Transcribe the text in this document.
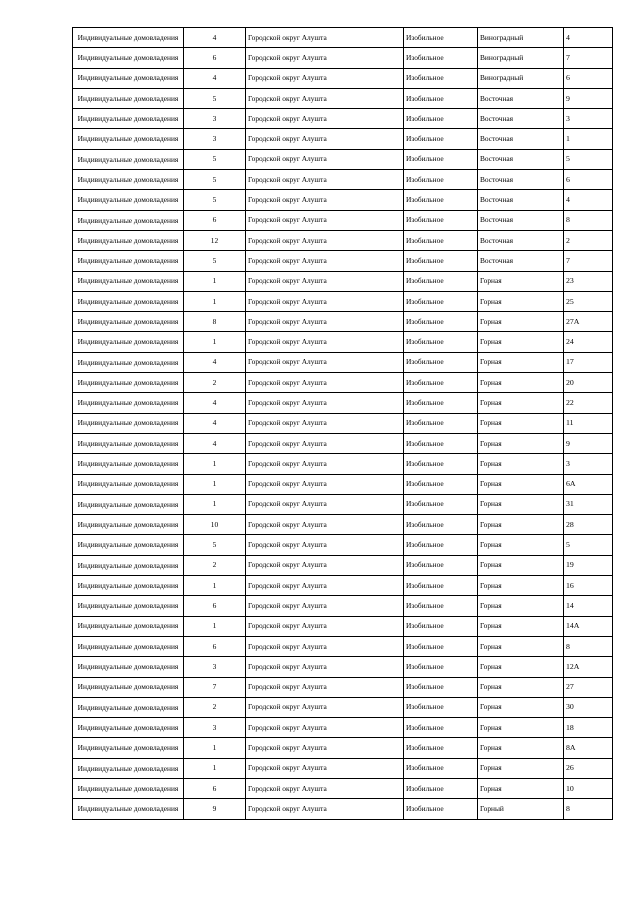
Индивидуальные домовладения	4	Городской округ Алушта	Изобильное	Виноградный	4
Индивидуальные домовладения	6	Городской округ Алушта	Изобильное	Виноградный	7
Индивидуальные домовладения	4	Городской округ Алушта	Изобильное	Виноградный	6
Индивидуальные домовладения	5	Городской округ Алушта	Изобильное	Восточная	9
Индивидуальные домовладения	3	Городской округ Алушта	Изобильное	Восточная	3
Индивидуальные домовладения	3	Городской округ Алушта	Изобильное	Восточная	1
Индивидуальные домовладения	5	Городской округ Алушта	Изобильное	Восточная	5
Индивидуальные домовладения	5	Городской округ Алушта	Изобильное	Восточная	6
Индивидуальные домовладения	5	Городской округ Алушта	Изобильное	Восточная	4
Индивидуальные домовладения	6	Городской округ Алушта	Изобильное	Восточная	8
Индивидуальные домовладения	12	Городской округ Алушта	Изобильное	Восточная	2
Индивидуальные домовладения	5	Городской округ Алушта	Изобильное	Восточная	7
Индивидуальные домовладения	1	Городской округ Алушта	Изобильное	Горная	23
Индивидуальные домовладения	1	Городской округ Алушта	Изобильное	Горная	25
Индивидуальные домовладения	8	Городской округ Алушта	Изобильное	Горная	27А
Индивидуальные домовладения	1	Городской округ Алушта	Изобильное	Горная	24
Индивидуальные домовладения	4	Городской округ Алушта	Изобильное	Горная	17
Индивидуальные домовладения	2	Городской округ Алушта	Изобильное	Горная	20
Индивидуальные домовладения	4	Городской округ Алушта	Изобильное	Горная	22
Индивидуальные домовладения	4	Городской округ Алушта	Изобильное	Горная	11
Индивидуальные домовладения	4	Городской округ Алушта	Изобильное	Горная	9
Индивидуальные домовладения	1	Городской округ Алушта	Изобильное	Горная	3
Индивидуальные домовладения	1	Городской округ Алушта	Изобильное	Горная	6А
Индивидуальные домовладения	1	Городской округ Алушта	Изобильное	Горная	31
Индивидуальные домовладения	10	Городской округ Алушта	Изобильное	Горная	28
Индивидуальные домовладения	5	Городской округ Алушта	Изобильное	Горная	5
Индивидуальные домовладения	2	Городской округ Алушта	Изобильное	Горная	19
Индивидуальные домовладения	1	Городской округ Алушта	Изобильное	Горная	16
Индивидуальные домовладения	6	Городской округ Алушта	Изобильное	Горная	14
Индивидуальные домовладения	1	Городской округ Алушта	Изобильное	Горная	14А
Индивидуальные домовладения	6	Городской округ Алушта	Изобильное	Горная	8
Индивидуальные домовладения	3	Городской округ Алушта	Изобильное	Горная	12А
Индивидуальные домовладения	7	Городской округ Алушта	Изобильное	Горная	27
Индивидуальные домовладения	2	Городской округ Алушта	Изобильное	Горная	30
Индивидуальные домовладения	3	Городской округ Алушта	Изобильное	Горная	18
Индивидуальные домовладения	1	Городской округ Алушта	Изобильное	Горная	8А
Индивидуальные домовладения	1	Городской округ Алушта	Изобильное	Горная	26
Индивидуальные домовладения	6	Городской округ Алушта	Изобильное	Горная	10
Индивидуальные домовладения	9	Городской округ Алушта	Изобильное	Горный	8
